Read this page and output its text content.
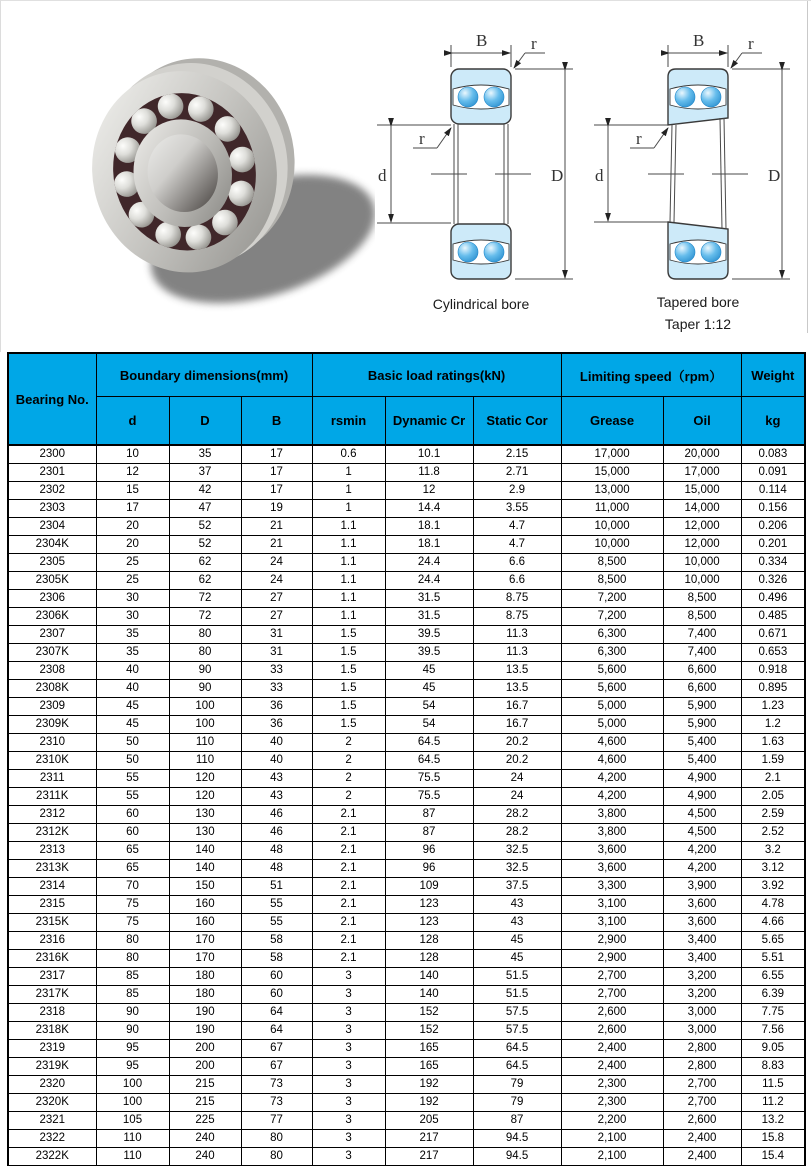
B	r
d
r
D
Cylindrical bore
B	r
d
r
D
Tapered bore
Taper 1:12
Bearing No.	Boundary dimensions(mm)			Basic load ratings(kN)			Limiting speed（rpm）		Weight
	d	D	B	rsmin	Dynamic Cr	Static Cor	Grease	Oil	kg
2300	10	35	17	0.6	10.1	2.15	17,000	20,000	0.083
2301	12	37	17	1	11.8	2.71	15,000	17,000	0.091
2302	15	42	17	1	12	2.9	13,000	15,000	0.114
2303	17	47	19	1	14.4	3.55	11,000	14,000	0.156
2304	20	52	21	1.1	18.1	4.7	10,000	12,000	0.206
2304K	20	52	21	1.1	18.1	4.7	10,000	12,000	0.201
2305	25	62	24	1.1	24.4	6.6	8,500	10,000	0.334
2305K	25	62	24	1.1	24.4	6.6	8,500	10,000	0.326
2306	30	72	27	1.1	31.5	8.75	7,200	8,500	0.496
2306K	30	72	27	1.1	31.5	8.75	7,200	8,500	0.485
2307	35	80	31	1.5	39.5	11.3	6,300	7,400	0.671
2307K	35	80	31	1.5	39.5	11.3	6,300	7,400	0.653
2308	40	90	33	1.5	45	13.5	5,600	6,600	0.918
2308K	40	90	33	1.5	45	13.5	5,600	6,600	0.895
2309	45	100	36	1.5	54	16.7	5,000	5,900	1.23
2309K	45	100	36	1.5	54	16.7	5,000	5,900	1.2
2310	50	110	40	2	64.5	20.2	4,600	5,400	1.63
2310K	50	110	40	2	64.5	20.2	4,600	5,400	1.59
2311	55	120	43	2	75.5	24	4,200	4,900	2.1
2311K	55	120	43	2	75.5	24	4,200	4,900	2.05
2312	60	130	46	2.1	87	28.2	3,800	4,500	2.59
2312K	60	130	46	2.1	87	28.2	3,800	4,500	2.52
2313	65	140	48	2.1	96	32.5	3,600	4,200	3.2
2313K	65	140	48	2.1	96	32.5	3,600	4,200	3.12
2314	70	150	51	2.1	109	37.5	3,300	3,900	3.92
2315	75	160	55	2.1	123	43	3,100	3,600	4.78
2315K	75	160	55	2.1	123	43	3,100	3,600	4.66
2316	80	170	58	2.1	128	45	2,900	3,400	5.65
2316K	80	170	58	2.1	128	45	2,900	3,400	5.51
2317	85	180	60	3	140	51.5	2,700	3,200	6.55
2317K	85	180	60	3	140	51.5	2,700	3,200	6.39
2318	90	190	64	3	152	57.5	2,600	3,000	7.75
2318K	90	190	64	3	152	57.5	2,600	3,000	7.56
2319	95	200	67	3	165	64.5	2,400	2,800	9.05
2319K	95	200	67	3	165	64.5	2,400	2,800	8.83
2320	100	215	73	3	192	79	2,300	2,700	11.5
2320K	100	215	73	3	192	79	2,300	2,700	11.2
2321	105	225	77	3	205	87	2,200	2,600	13.2
2322	110	240	80	3	217	94.5	2,100	2,400	15.8
2322K	110	240	80	3	217	94.5	2,100	2,400	15.4
